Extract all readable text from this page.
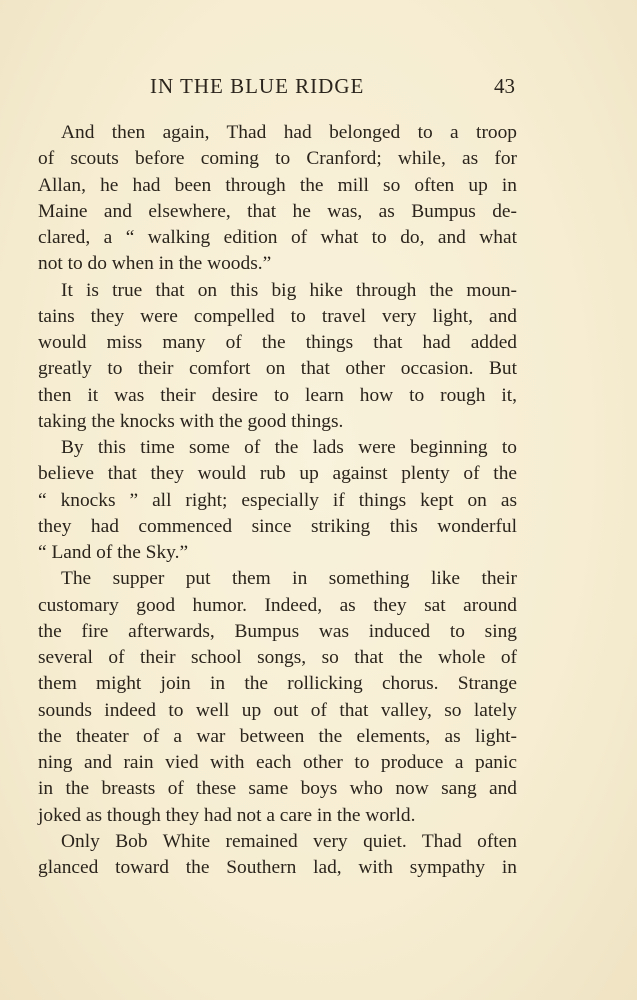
IN THE BLUE RIDGE	43
And then again, Thad had belonged to a troop
of scouts before coming to Cranford; while, as for
Allan, he had been through the mill so often up in
Maine and elsewhere, that he was, as Bumpus de-
clared, a “ walking edition of what to do, and what
not to do when in the woods.”
It is true that on this big hike through the moun-
tains they were compelled to travel very light, and
would miss many of the things that had added
greatly to their comfort on that other occasion. But
then it was their desire to learn how to rough it,
taking the knocks with the good things.
By this time some of the lads were beginning to
believe that they would rub up against plenty of the
“ knocks ” all right; especially if things kept on as
they had commenced since striking this wonderful
“ Land of the Sky.”
The supper put them in something like their
customary good humor. Indeed, as they sat around
the fire afterwards, Bumpus was induced to sing
several of their school songs, so that the whole of
them might join in the rollicking chorus. Strange
sounds indeed to well up out of that valley, so lately
the theater of a war between the elements, as light-
ning and rain vied with each other to produce a panic
in the breasts of these same boys who now sang and
joked as though they had not a care in the world.
Only Bob White remained very quiet. Thad often
glanced toward the Southern lad, with sympathy in
